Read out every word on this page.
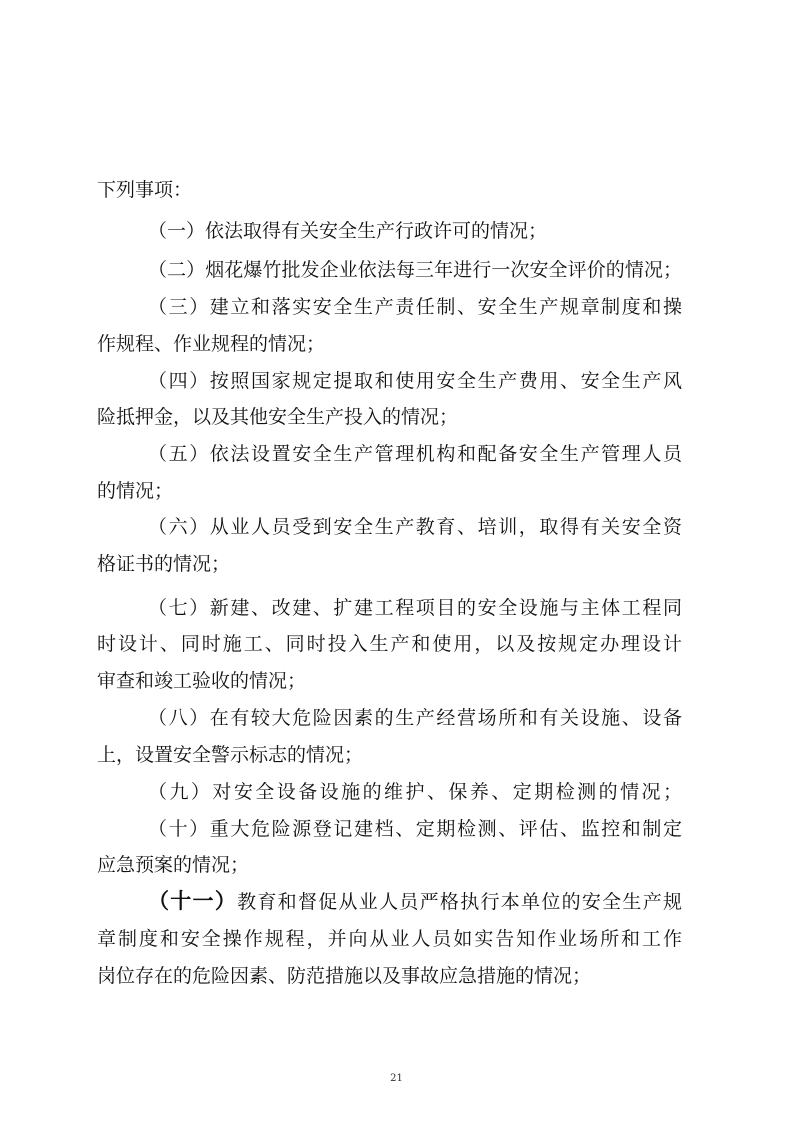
下列事项：
（一）依法取得有关安全生产行政许可的情况；
（二）烟花爆竹批发企业依法每三年进行一次安全评价的情况；
（三）建立和落实安全生产责任制、安全生产规章制度和操
作规程、作业规程的情况；
（四）按照国家规定提取和使用安全生产费用、安全生产风
险抵押金，以及其他安全生产投入的情况；
（五）依法设置安全生产管理机构和配备安全生产管理人员
的情况；
（六）从业人员受到安全生产教育、培训，取得有关安全资
格证书的情况；
（七）新建、改建、扩建工程项目的安全设施与主体工程同
时设计、同时施工、同时投入生产和使用，以及按规定办理设计
审查和竣工验收的情况；
（八）在有较大危险因素的生产经营场所和有关设施、设备
上，设置安全警示标志的情况；
（九）对安全设备设施的维护、保养、定期检测的情况；
（十）重大危险源登记建档、定期检测、评估、监控和制定
应急预案的情况；
（十一）教育和督促从业人员严格执行本单位的安全生产规
章制度和安全操作规程，并向从业人员如实告知作业场所和工作
岗位存在的危险因素、防范措施以及事故应急措施的情况；
21
